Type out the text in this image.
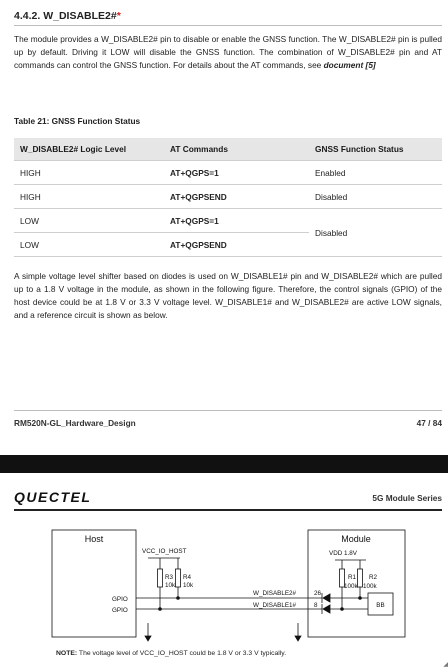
4.4.2. W_DISABLE2#*
The module provides a W_DISABLE2# pin to disable or enable the GNSS function. The W_DISABLE2# pin is pulled up by default. Driving it LOW will disable the GNSS function. The combination of W_DISABLE2# pin and AT commands can control the GNSS function. For details about the AT commands, see document [5]
Table 21: GNSS Function Status
W_DISABLE2# Logic Level	AT Commands	GNSS Function Status
HIGH	AT+QGPS=1	Enabled
HIGH	AT+QGPSEND	Disabled
LOW	AT+QGPS=1	Disabled
LOW	AT+QGPSEND	
A simple voltage level shifter based on diodes is used on W_DISABLE1# pin and W_DISABLE2# which are pulled up to a 1.8 V voltage in the module, as shown in the following figure. Therefore, the control signals (GPIO) of the host device could be at 1.8 V or 3.3 V voltage level. W_DISABLE1# and W_DISABLE2# are active LOW signals, and a reference circuit is shown as below.
RM520N-GL_Hardware_Design	47 / 84
QUECTEL	5G Module Series
Host	Module
VCC_IO_HOST
R3
10k
R4
10k
GPIO
GPIO
W_DISABLE2#
W_DISABLE1#
26
8
VDD 1.8V
R1
100k
R2
100k
BB
NOTE: The voltage level of VCC_IO_HOST could be 1.8 V or 3.3 V typically.
◢
